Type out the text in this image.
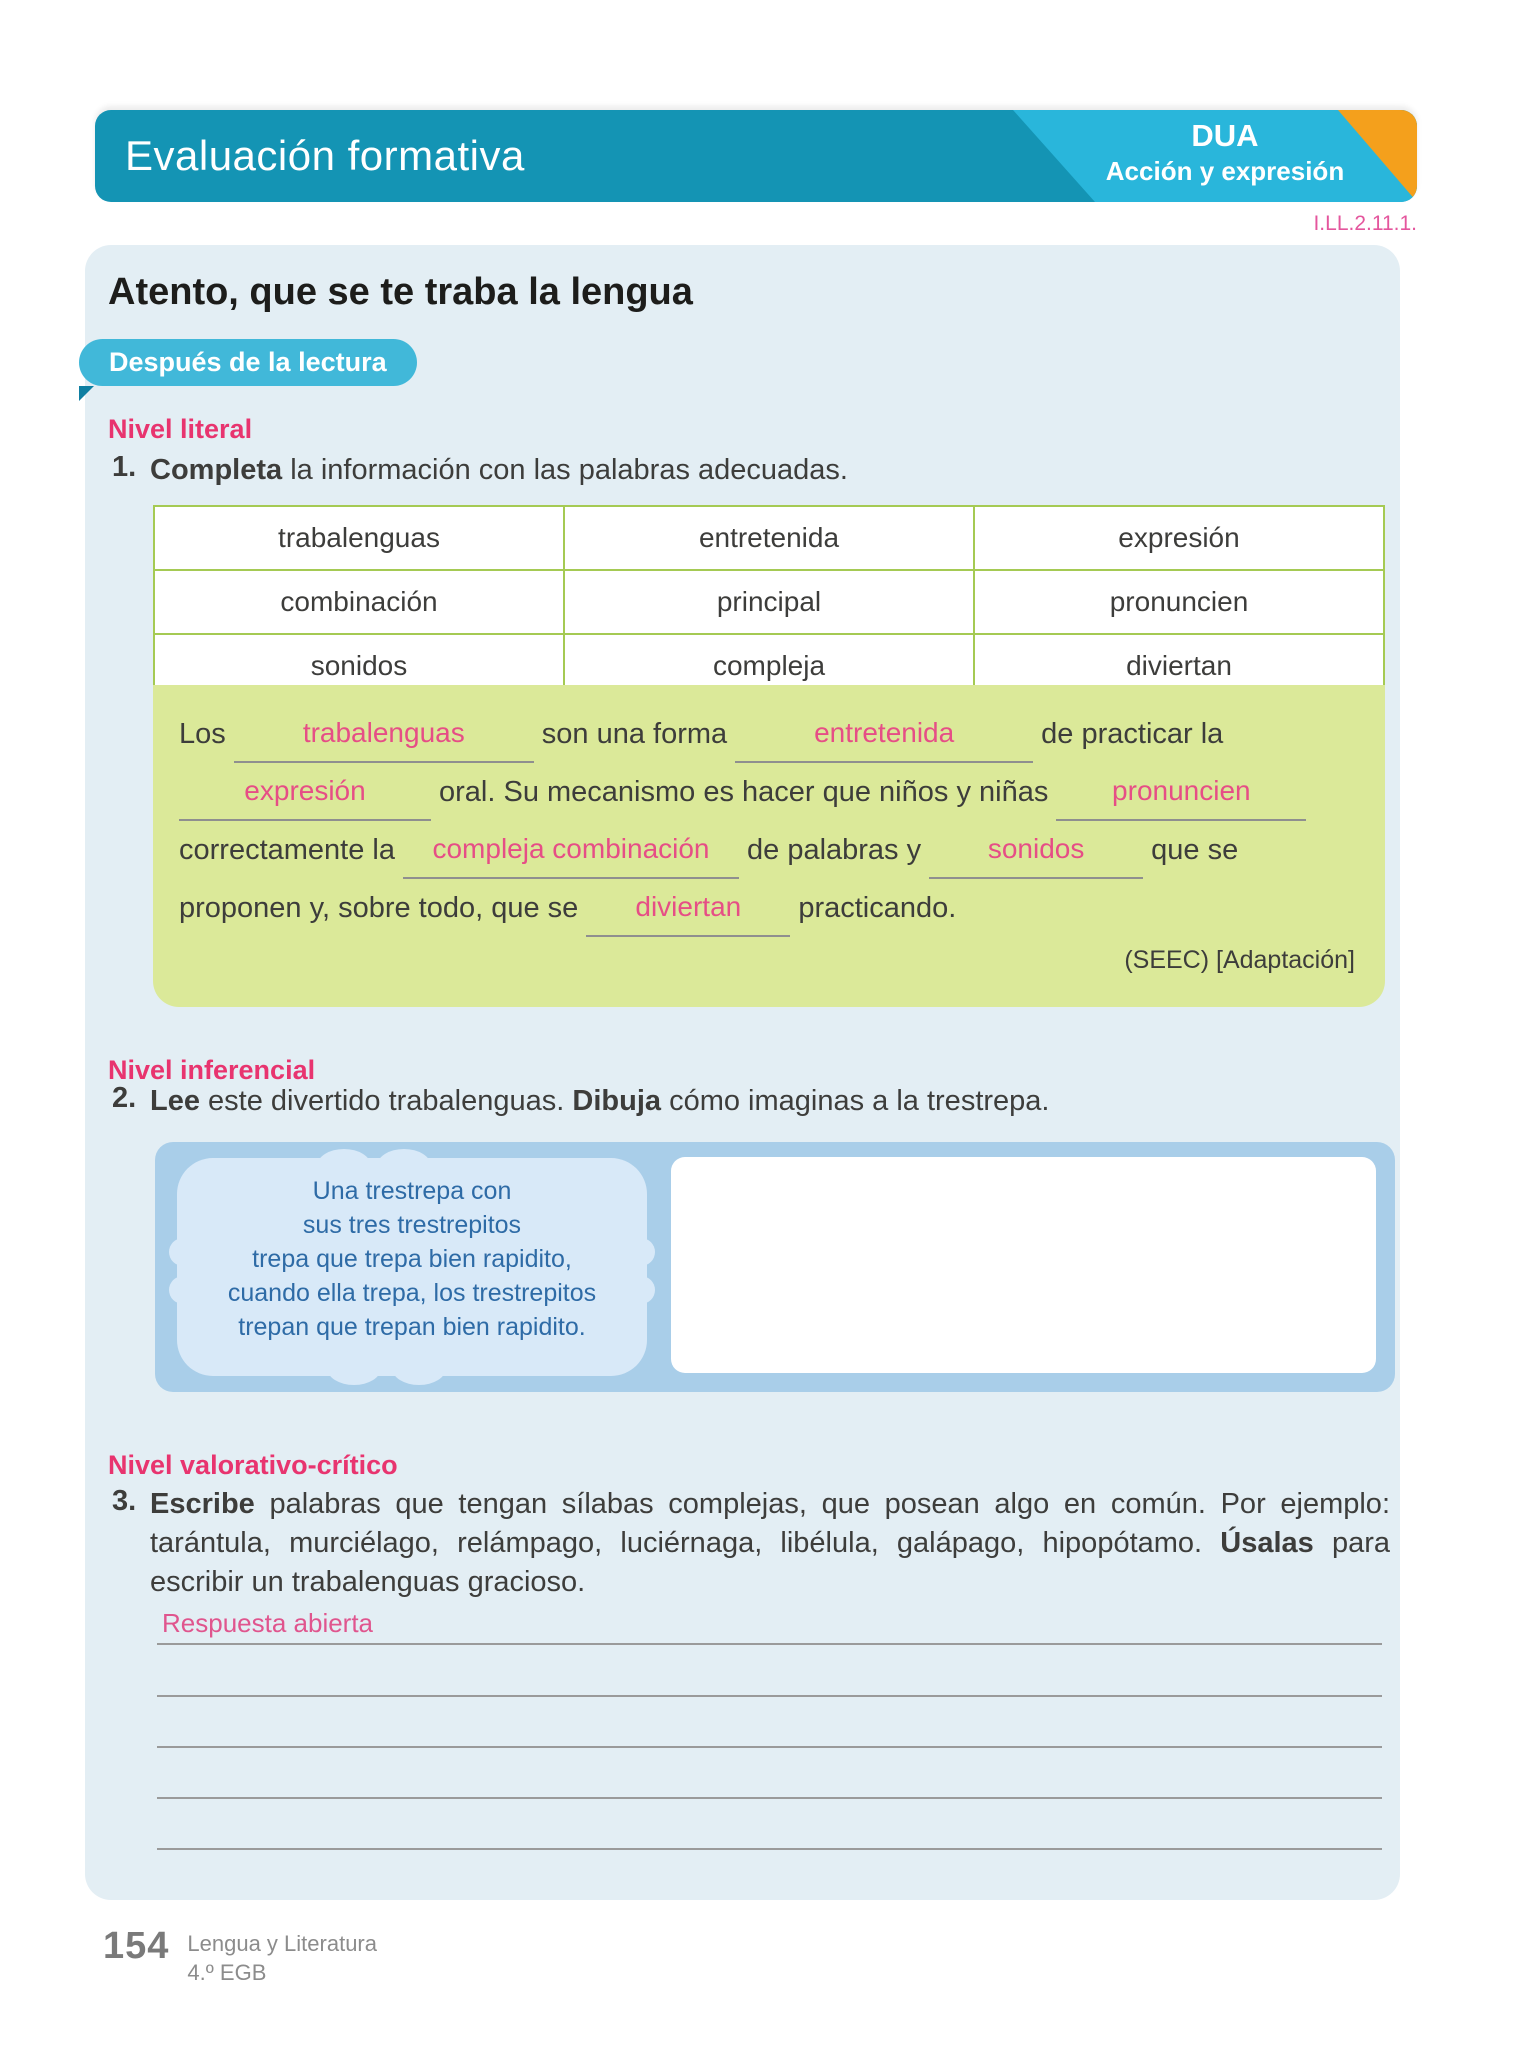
Evaluación formativa	DUA
Acción y expresión
I.LL.2.11.1.
Atento, que se te traba la lengua
Después de la lectura
Nivel literal
1. Completa la información con las palabras adecuadas.
trabalenguas	entretenida	expresión
combinación	principal	pronuncien
sonidos	compleja	diviertan
Los	trabalenguas	son una forma	entretenida	de practicar la
expresión	oral. Su mecanismo es hacer que niños y niñas pronuncien
correctamente la compleja combinación de palabras y sonidos que se
proponen y, sobre todo, que se diviertan practicando.
(SEEC) [Adaptación]
Nivel inferencial
2. Lee este divertido trabalenguas. Dibuja cómo imaginas a la trestrepa.
Una trestrepa con
sus tres trestrepitos
trepa que trepa bien rapidito,
cuando ella trepa, los trestrepitos
trepan que trepan bien rapidito.
Nivel valorativo-crítico
3. Escribe palabras que tengan sílabas complejas, que posean algo en común. Por ejemplo: tarántula, murciélago, relámpago, luciérnaga, libélula, galápago, hipopótamo. Úsalas para escribir un trabalenguas gracioso.
Respuesta abierta
154 Lengua y Literatura
4.º EGB
